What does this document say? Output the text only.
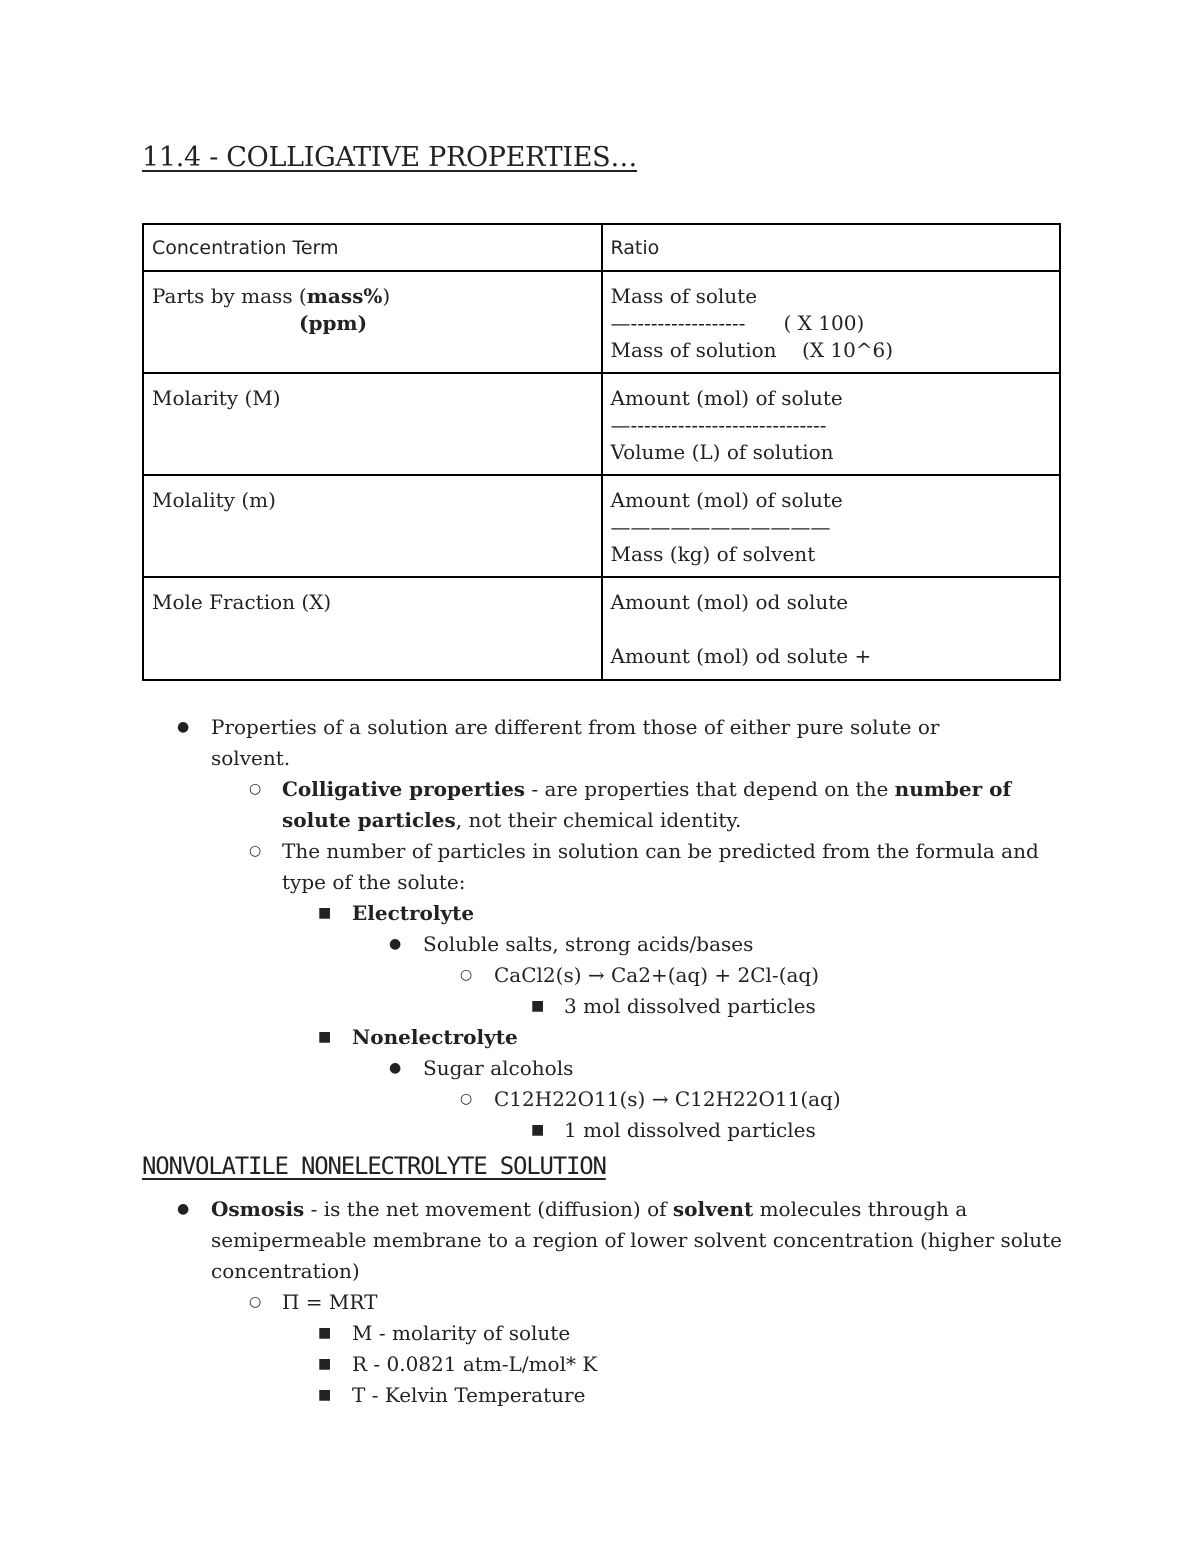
11.4 - COLLIGATIVE PROPERTIES…
Concentration Term	Ratio

Parts by mass (mass%)
(ppm)	Mass of solute
—-----------------      ( X 100)
Mass of solution    (X 10^6)

Molarity (M)	Amount (mol) of solute
—-----------------------------
Volume (L) of solution

Molality (m)	Amount (mol) of solute
———————————
Mass (kg) of solvent

Mole Fraction (X)	Amount (mol) od solute
Amount (mol) od solute +
● Properties of a solution are different from those of either pure solute or solvent.
○ Colligative properties - are properties that depend on the number of solute particles, not their chemical identity.
○ The number of particles in solution can be predicted from the formula and type of the solute:
■ Electrolyte
● Soluble salts, strong acids/bases
○ CaCl2(s) → Ca2+(aq) + 2Cl-(aq)
■ 3 mol dissolved particles
■ Nonelectrolyte
● Sugar alcohols
○ C12H22O11(s) → C12H22O11(aq)
■ 1 mol dissolved particles
NONVOLATILE NONELECTROLYTE SOLUTION
● Osmosis - is the net movement (diffusion) of solvent molecules through a semipermeable membrane to a region of lower solvent concentration (higher solute concentration)
○ Π = MRT
■ M - molarity of solute
■ R - 0.0821 atm-L/mol* K
■ T - Kelvin Temperature
